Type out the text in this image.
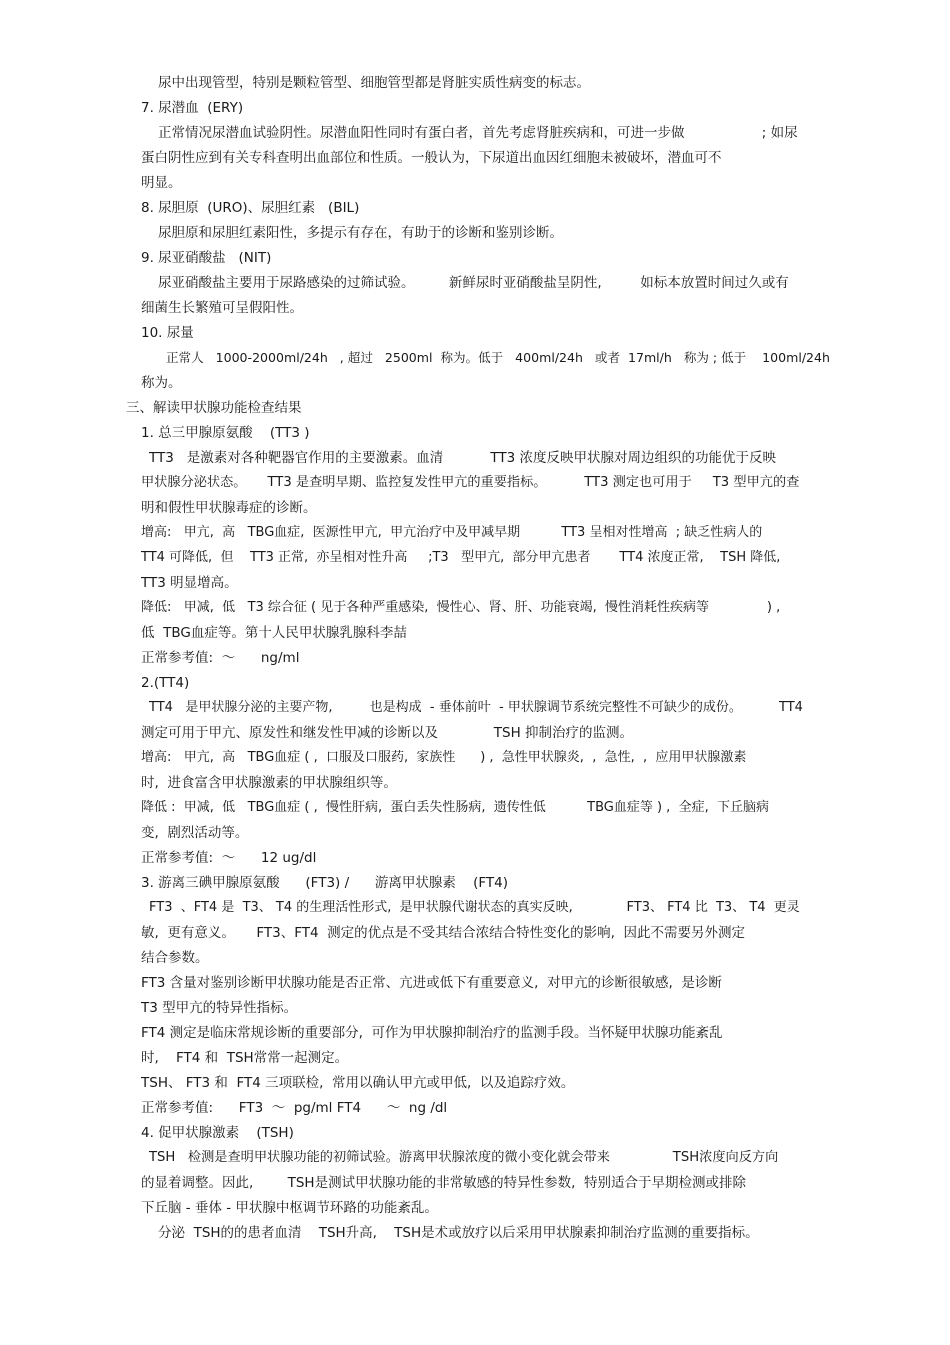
尿中出现管型，特别是颗粒管型、细胞管型都是肾脏实质性病变的标志。
7. 尿潜血  (ERY)
正常情况尿潜血试验阴性。尿潜血阳性同时有蛋白者，首先考虑肾脏疾病和，可进一步做                  ; 如尿
蛋白阴性应到有关专科查明出血部位和性质。一般认为，下尿道出血因红细胞未被破坏，潜血可不
明显。
8. 尿胆原  (URO)、尿胆红素   (BIL)
尿胆原和尿胆红素阳性，多提示有存在，有助于的诊断和鉴别诊断。
9. 尿亚硝酸盐   (NIT)
尿亚硝酸盐主要用于尿路感染的过筛试验。        新鲜尿时亚硝酸盐呈阴性,         如标本放置时间过久或有
细菌生长繁殖可呈假阳性。
10. 尿量
正常人   1000-2000ml/24h   , 超过   2500ml  称为。低于   400ml/24h   或者  17ml/h   称为 ; 低于    100ml/24h
称为。
三、解读甲状腺功能检查结果
1. 总三甲腺原氨酸    (TT3 )
TT3   是激素对各种靶器官作用的主要激素。血清           TT3 浓度反映甲状腺对周边组织的功能优于反映
甲状腺分泌状态。     TT3 是查明早期、监控复发性甲亢的重要指标。         TT3 测定也可用于     T3 型甲亢的查
明和假性甲状腺毒症的诊断。
增高:   甲亢,  高   TBG血症,  医源性甲亢,  甲亢治疗中及甲减早期          TT3 呈相对性增高  ; 缺乏性病人的
TT4 可降低,  但    TT3 正常,  亦呈相对性升高     ;T3   型甲亢,  部分甲亢患者       TT4 浓度正常,    TSH 降低,
TT3 明显增高。
降低:   甲减,  低   T3 综合征 ( 见于各种严重感染,  慢性心、肾、肝、功能衰竭,  慢性消耗性疾病等              ) ,
低  TBG血症等。第十人民甲状腺乳腺科李喆
正常参考值:  ～      ng/ml
2.(TT4)
TT4   是甲状腺分泌的主要产物,         也是构成  - 垂体前叶  - 甲状腺调节系统完整性不可缺少的成份。         TT4
测定可用于甲亢、原发性和继发性甲减的诊断以及             TSH 抑制治疗的监测。
增高:   甲亢,  高   TBG血症 ( ,  口服及口服药,  家族性      ) ,  急性甲状腺炎,  ,  急性,  ,  应用甲状腺激素
时,  进食富含甲状腺激素的甲状腺组织等。
降低 :  甲减,  低   TBG血症 ( ,  慢性肝病,  蛋白丢失性肠病,  遗传性低          TBG血症等 ) ,  全症,  下丘脑病
变,  剧烈活动等。
正常参考值:  ～      12 ug/dl
3. 游离三碘甲腺原氨酸      (FT3) /      游离甲状腺素    (FT4)
FT3  、FT4 是  T3、 T4 的生理活性形式,  是甲状腺代谢状态的真实反映,             FT3、 FT4 比  T3、 T4  更灵
敏,  更有意义。     FT3、FT4  测定的优点是不受其结合浓结合特性变化的影响,  因此不需要另外测定
结合参数。
FT3 含量对鉴别诊断甲状腺功能是否正常、亢进或低下有重要意义,  对甲亢的诊断很敏感,  是诊断
T3 型甲亢的特异性指标。
FT4 测定是临床常规诊断的重要部分,  可作为甲状腺抑制治疗的监测手段。当怀疑甲状腺功能紊乱
时,    FT4 和  TSH常常一起测定。
TSH、 FT3 和  FT4 三项联检,  常用以确认甲亢或甲低,  以及追踪疗效。
正常参考值:      FT3  ～  pg/ml FT4      ～  ng /dl
4. 促甲状腺激素    (TSH)
TSH   检测是查明甲状腺功能的初筛试验。游离甲状腺浓度的微小变化就会带来               TSH浓度向反方向
的显着调整。因此,        TSH是测试甲状腺功能的非常敏感的特异性参数,  特别适合于早期检测或排除
下丘脑 - 垂体 - 甲状腺中枢调节环路的功能紊乱。
分泌  TSH的的患者血清    TSH升高,    TSH是术或放疗以后采用甲状腺素抑制治疗监测的重要指标。
